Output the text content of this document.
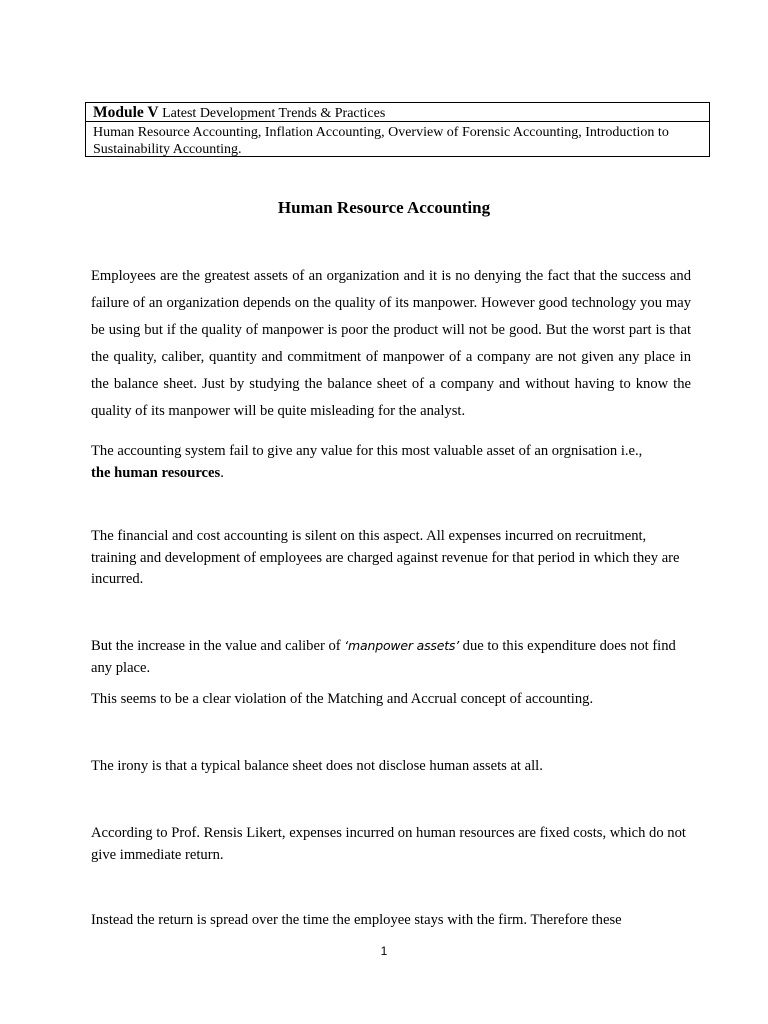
Module V Latest Development Trends & Practices
Human Resource Accounting, Inflation Accounting, Overview of Forensic Accounting, Introduction to Sustainability Accounting.
Human Resource Accounting

Employees are the greatest assets of an organization and it is no denying the fact that the success and failure of an organization depends on the quality of its manpower. However good technology you may be using but if the quality of manpower is poor the product will not be good. But the worst part is that the quality, caliber, quantity and commitment of manpower of a company are not given any place in the balance sheet. Just by studying the balance sheet of a company and without having to know the quality of its manpower will be quite misleading for the analyst.

The accounting system fail to give any value for this most valuable asset of an orgnisation i.e.,
the human resources.

The financial and cost accounting is silent on this aspect. All expenses incurred on recruitment, training and development of employees are charged against revenue for that period in which they are incurred.

But the increase in the value and caliber of ‘manpower assets’ due to this expenditure does not find any place.

This seems to be a clear violation of the Matching and Accrual concept of accounting.

The irony is that a typical balance sheet does not disclose human assets at all.

According to Prof. Rensis Likert, expenses incurred on human resources are fixed costs, which do not give immediate return.

Instead the return is spread over the time the employee stays with the firm. Therefore these

1
